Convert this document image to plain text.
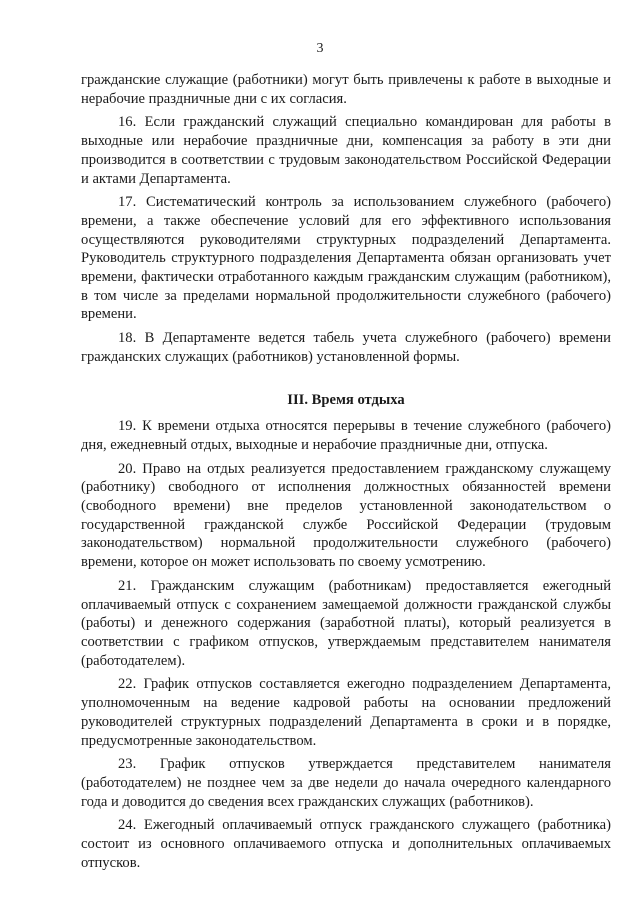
3

гражданские служащие (работники) могут быть привлечены к работе в выходные и нерабочие праздничные дни с их согласия.

16. Если гражданский служащий специально командирован для работы в выходные или нерабочие праздничные дни, компенсация за работу в эти дни производится в соответствии с трудовым законодательством Российской Федерации и актами Департамента.

17. Систематический контроль за использованием служебного (рабочего) времени, а также обеспечение условий для его эффективного использования осуществляются руководителями структурных подразделений Департамента. Руководитель структурного подразделения Департамента обязан организовать учет времени, фактически отработанного каждым гражданским служащим (работником), в том числе за пределами нормальной продолжительности служебного (рабочего) времени.

18. В Департаменте ведется табель учета служебного (рабочего) времени гражданских служащих (работников) установленной формы.

III. Время отдыха

19. К времени отдыха относятся перерывы в течение служебного (рабочего) дня, ежедневный отдых, выходные и нерабочие праздничные дни, отпуска.

20. Право на отдых реализуется предоставлением гражданскому служащему (работнику) свободного от исполнения должностных обязанностей времени (свободного времени) вне пределов установленной законодательством о государственной гражданской службе Российской Федерации (трудовым законодательством) нормальной продолжительности служебного (рабочего) времени, которое он может использовать по своему усмотрению.

21. Гражданским служащим (работникам) предоставляется ежегодный оплачиваемый отпуск с сохранением замещаемой должности гражданской службы (работы) и денежного содержания (заработной платы), который реализуется в соответствии с графиком отпусков, утверждаемым представителем нанимателя (работодателем).

22. График отпусков составляется ежегодно подразделением Департамента, уполномоченным на ведение кадровой работы на основании предложений руководителей структурных подразделений Департамента в сроки и в порядке, предусмотренные законодательством.

23. График отпусков утверждается представителем нанимателя (работодателем) не позднее чем за две недели до начала очередного календарного года и доводится до сведения всех гражданских служащих (работников).

24. Ежегодный оплачиваемый отпуск гражданского служащего (работника) состоит из основного оплачиваемого отпуска и дополнительных оплачиваемых отпусков.
